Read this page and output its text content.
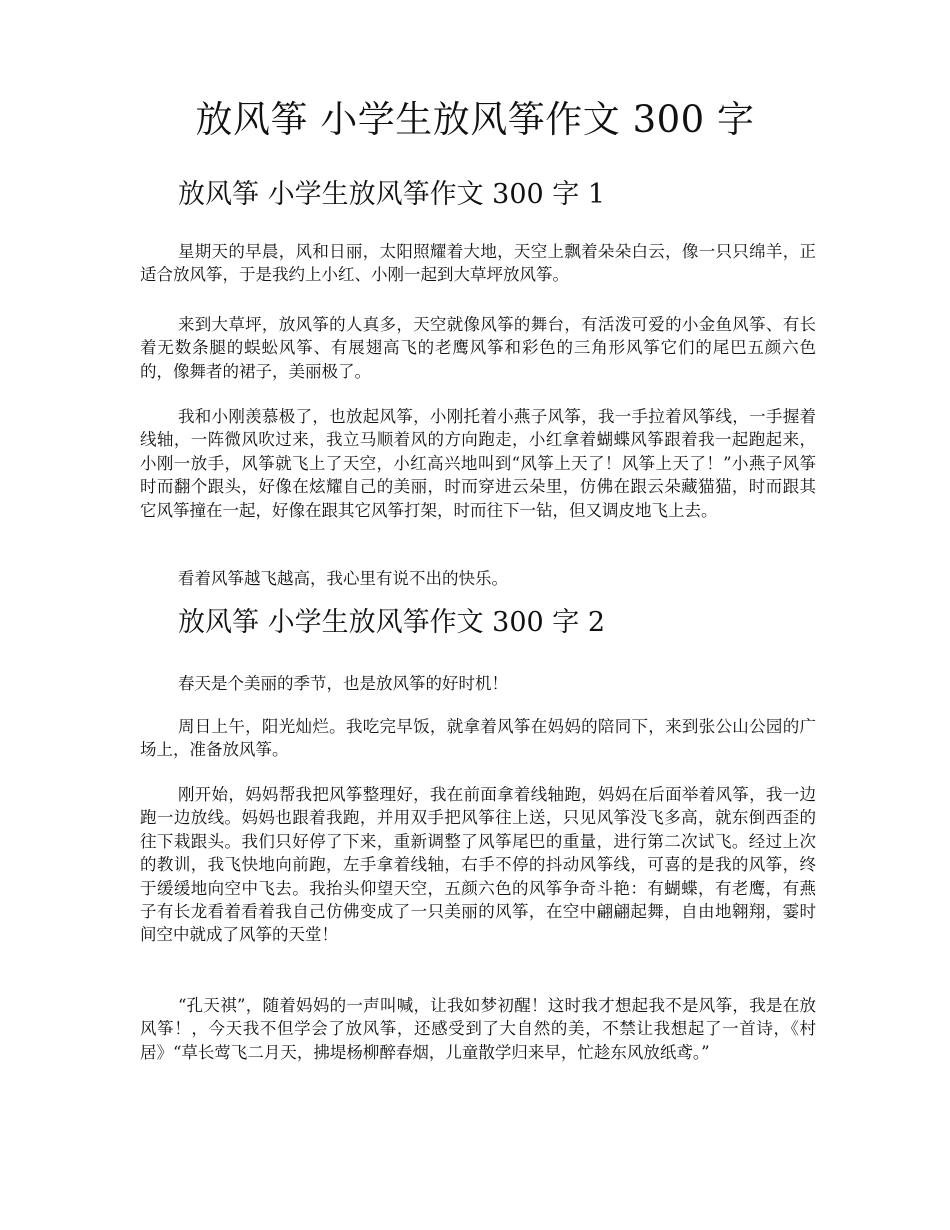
放风筝 小学生放风筝作文 300 字
放风筝 小学生放风筝作文 300 字 1

星期天的早晨，风和日丽，太阳照耀着大地，天空上飘着朵朵白云，像一只只绵羊，正适合放风筝，于是我约上小红、小刚一起到大草坪放风筝。

来到大草坪，放风筝的人真多，天空就像风筝的舞台，有活泼可爱的小金鱼风筝、有长着无数条腿的蜈蚣风筝、有展翅高飞的老鹰风筝和彩色的三角形风筝它们的尾巴五颜六色的，像舞者的裙子，美丽极了。

我和小刚羡慕极了，也放起风筝，小刚托着小燕子风筝，我一手拉着风筝线，一手握着线轴，一阵微风吹过来，我立马顺着风的方向跑走，小红拿着蝴蝶风筝跟着我一起跑起来，小刚一放手，风筝就飞上了天空，小红高兴地叫到“风筝上天了！风筝上天了！”小燕子风筝时而翻个跟头，好像在炫耀自己的美丽，时而穿进云朵里，仿佛在跟云朵藏猫猫，时而跟其它风筝撞在一起，好像在跟其它风筝打架，时而往下一钻，但又调皮地飞上去。

看着风筝越飞越高，我心里有说不出的快乐。

放风筝 小学生放风筝作文 300 字 2

春天是个美丽的季节，也是放风筝的好时机！

周日上午，阳光灿烂。我吃完早饭，就拿着风筝在妈妈的陪同下，来到张公山公园的广场上，准备放风筝。

刚开始，妈妈帮我把风筝整理好，我在前面拿着线轴跑，妈妈在后面举着风筝，我一边跑一边放线。妈妈也跟着我跑，并用双手把风筝往上送，只见风筝没飞多高，就东倒西歪的往下栽跟头。我们只好停了下来，重新调整了风筝尾巴的重量，进行第二次试飞。经过上次的教训，我飞快地向前跑，左手拿着线轴，右手不停的抖动风筝线，可喜的是我的风筝，终于缓缓地向空中飞去。我抬头仰望天空，五颜六色的风筝争奇斗艳：有蝴蝶，有老鹰，有燕子有长龙看着看着我自己仿佛变成了一只美丽的风筝，在空中翩翩起舞，自由地翱翔，霎时间空中就成了风筝的天堂！

“孔天祺”，随着妈妈的一声叫喊，让我如梦初醒！这时我才想起我不是风筝，我是在放风筝！，今天我不但学会了放风筝，还感受到了大自然的美，不禁让我想起了一首诗，《村居》“草长莺飞二月天，拂堤杨柳醉春烟，儿童散学归来早，忙趁东风放纸鸢。”
